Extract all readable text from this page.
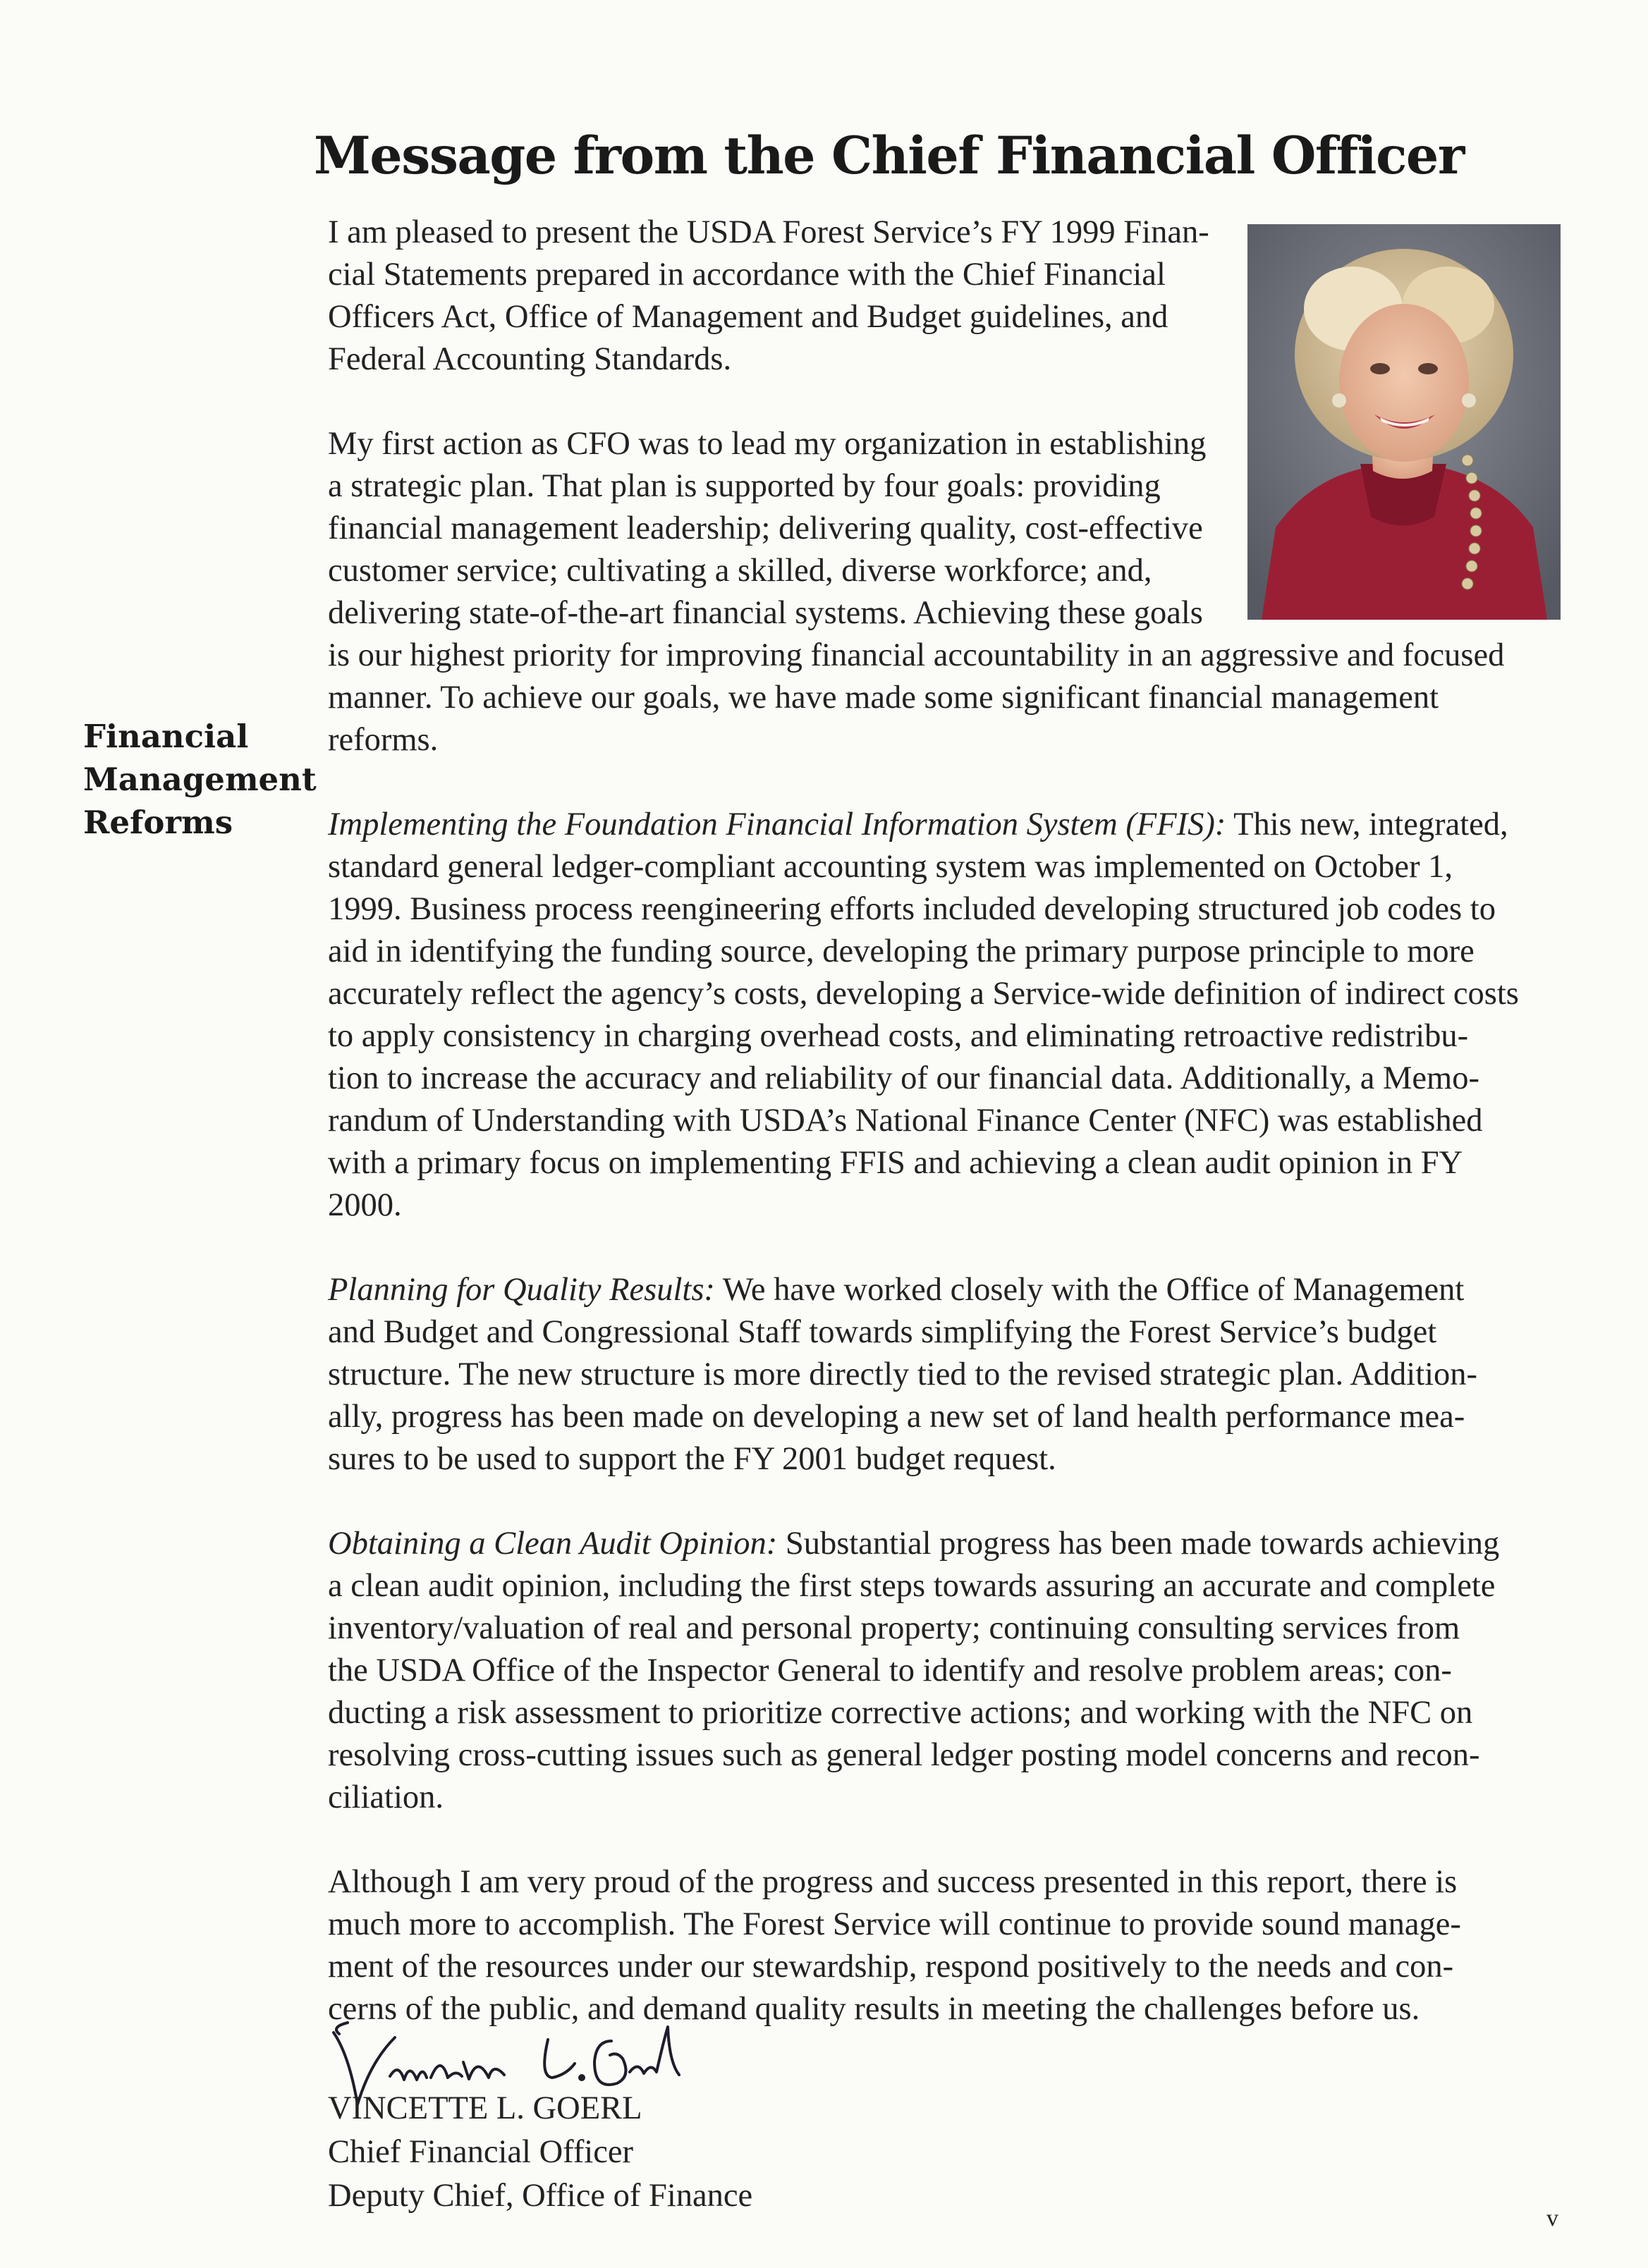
Message from the Chief Financial Officer
Financial
Management
Reforms

I am pleased to present the USDA Forest Service’s FY 1999 Finan-
cial Statements prepared in accordance with the Chief Financial
Officers Act, Office of Management and Budget guidelines, and
Federal Accounting Standards.

My first action as CFO was to lead my organization in establishing
a strategic plan. That plan is supported by four goals: providing
financial management leadership; delivering quality, cost-effective
customer service; cultivating a skilled, diverse workforce; and,
delivering state-of-the-art financial systems. Achieving these goals
is our highest priority for improving financial accountability in an aggressive and focused
manner. To achieve our goals, we have made some significant financial management
reforms.

Implementing the Foundation Financial Information System (FFIS): This new, integrated,
standard general ledger-compliant accounting system was implemented on October 1,
1999. Business process reengineering efforts included developing structured job codes to
aid in identifying the funding source, developing the primary purpose principle to more
accurately reflect the agency’s costs, developing a Service-wide definition of indirect costs
to apply consistency in charging overhead costs, and eliminating retroactive redistribu-
tion to increase the accuracy and reliability of our financial data. Additionally, a Memo-
randum of Understanding with USDA’s National Finance Center (NFC) was established
with a primary focus on implementing FFIS and achieving a clean audit opinion in FY
2000.

Planning for Quality Results: We have worked closely with the Office of Management
and Budget and Congressional Staff towards simplifying the Forest Service’s budget
structure. The new structure is more directly tied to the revised strategic plan. Addition-
ally, progress has been made on developing a new set of land health performance mea-
sures to be used to support the FY 2001 budget request.

Obtaining a Clean Audit Opinion: Substantial progress has been made towards achieving
a clean audit opinion, including the first steps towards assuring an accurate and complete
inventory/valuation of real and personal property; continuing consulting services from
the USDA Office of the Inspector General to identify and resolve problem areas; con-
ducting a risk assessment to prioritize corrective actions; and working with the NFC on
resolving cross-cutting issues such as general ledger posting model concerns and recon-
ciliation.

Although I am very proud of the progress and success presented in this report, there is
much more to accomplish. The Forest Service will continue to provide sound manage-
ment of the resources under our stewardship, respond positively to the needs and con-
cerns of the public, and demand quality results in meeting the challenges before us.

VINCETTE L. GOERL
Chief Financial Officer
Deputy Chief, Office of Finance
v
